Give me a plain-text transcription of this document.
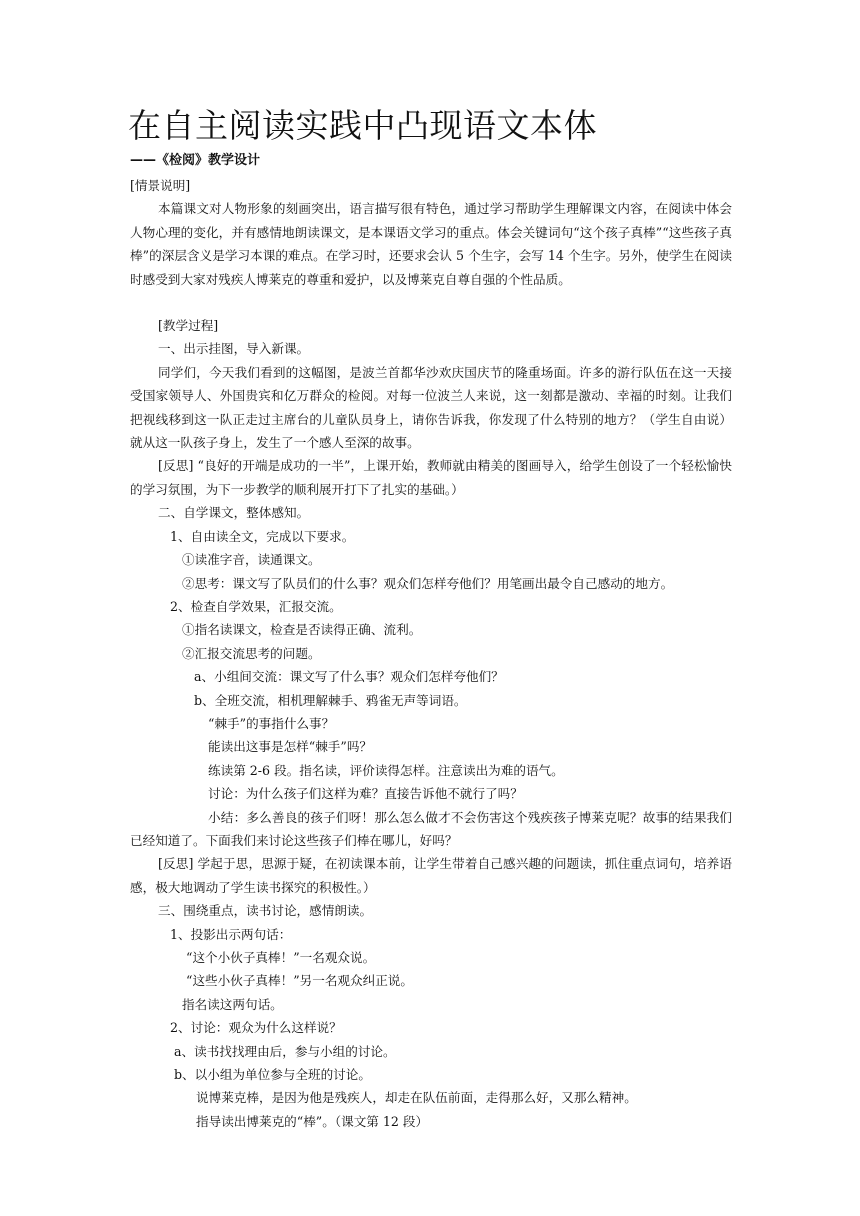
在自主阅读实践中凸现语文本体

——《检阅》教学设计

[情景说明]

本篇课文对人物形象的刻画突出，语言描写很有特色，通过学习帮助学生理解课文内容，在阅读中体会人物心理的变化，并有感情地朗读课文，是本课语文学习的重点。体会关键词句“这个孩子真棒”“这些孩子真棒”的深层含义是学习本课的难点。在学习时，还要求会认 5 个生字，会写 14 个生字。另外，使学生在阅读时感受到大家对残疾人博莱克的尊重和爱护，以及博莱克自尊自强的个性品质。

[教学过程]

一、出示挂图，导入新课。

同学们，今天我们看到的这幅图，是波兰首都华沙欢庆国庆节的隆重场面。许多的游行队伍在这一天接受国家领导人、外国贵宾和亿万群众的检阅。对每一位波兰人来说，这一刻都是激动、幸福的时刻。让我们把视线移到这一队正走过主席台的儿童队员身上，请你告诉我，你发现了什么特别的地方？（学生自由说）就从这一队孩子身上，发生了一个感人至深的故事。

[反思] “良好的开端是成功的一半”，上课开始，教师就由精美的图画导入，给学生创设了一个轻松愉快的学习氛围，为下一步教学的顺利展开打下了扎实的基础。）

二、自学课文，整体感知。

1、自由读全文，完成以下要求。

①读准字音，读通课文。

②思考：课文写了队员们的什么事？观众们怎样夸他们？用笔画出最令自己感动的地方。

2、检查自学效果，汇报交流。

①指名读课文，检查是否读得正确、流利。

②汇报交流思考的问题。

a、小组间交流：课文写了什么事？观众们怎样夸他们？

b、全班交流，相机理解棘手、鸦雀无声等词语。

“棘手”的事指什么事？

能读出这事是怎样“棘手”吗？

练读第 2-6 段。指名读，评价读得怎样。注意读出为难的语气。

讨论：为什么孩子们这样为难？直接告诉他不就行了吗？

小结：多么善良的孩子们呀！那么怎么做才不会伤害这个残疾孩子博莱克呢？故事的结果我们已经知道了。下面我们来讨论这些孩子们棒在哪儿，好吗？

[反思] 学起于思，思源于疑，在初读课本前，让学生带着自己感兴趣的问题读，抓住重点词句，培养语感，极大地调动了学生读书探究的积极性。）

三、围绕重点，读书讨论，感情朗读。

1、投影出示两句话：

“这个小伙子真棒！”一名观众说。

“这些小伙子真棒！”另一名观众纠正说。

指名读这两句话。

2、讨论：观众为什么这样说？

a、读书找找理由后，参与小组的讨论。

b、以小组为单位参与全班的讨论。

说博莱克棒，是因为他是残疾人，却走在队伍前面，走得那么好，又那么精神。

指导读出博莱克的“棒”。（课文第 12 段）
